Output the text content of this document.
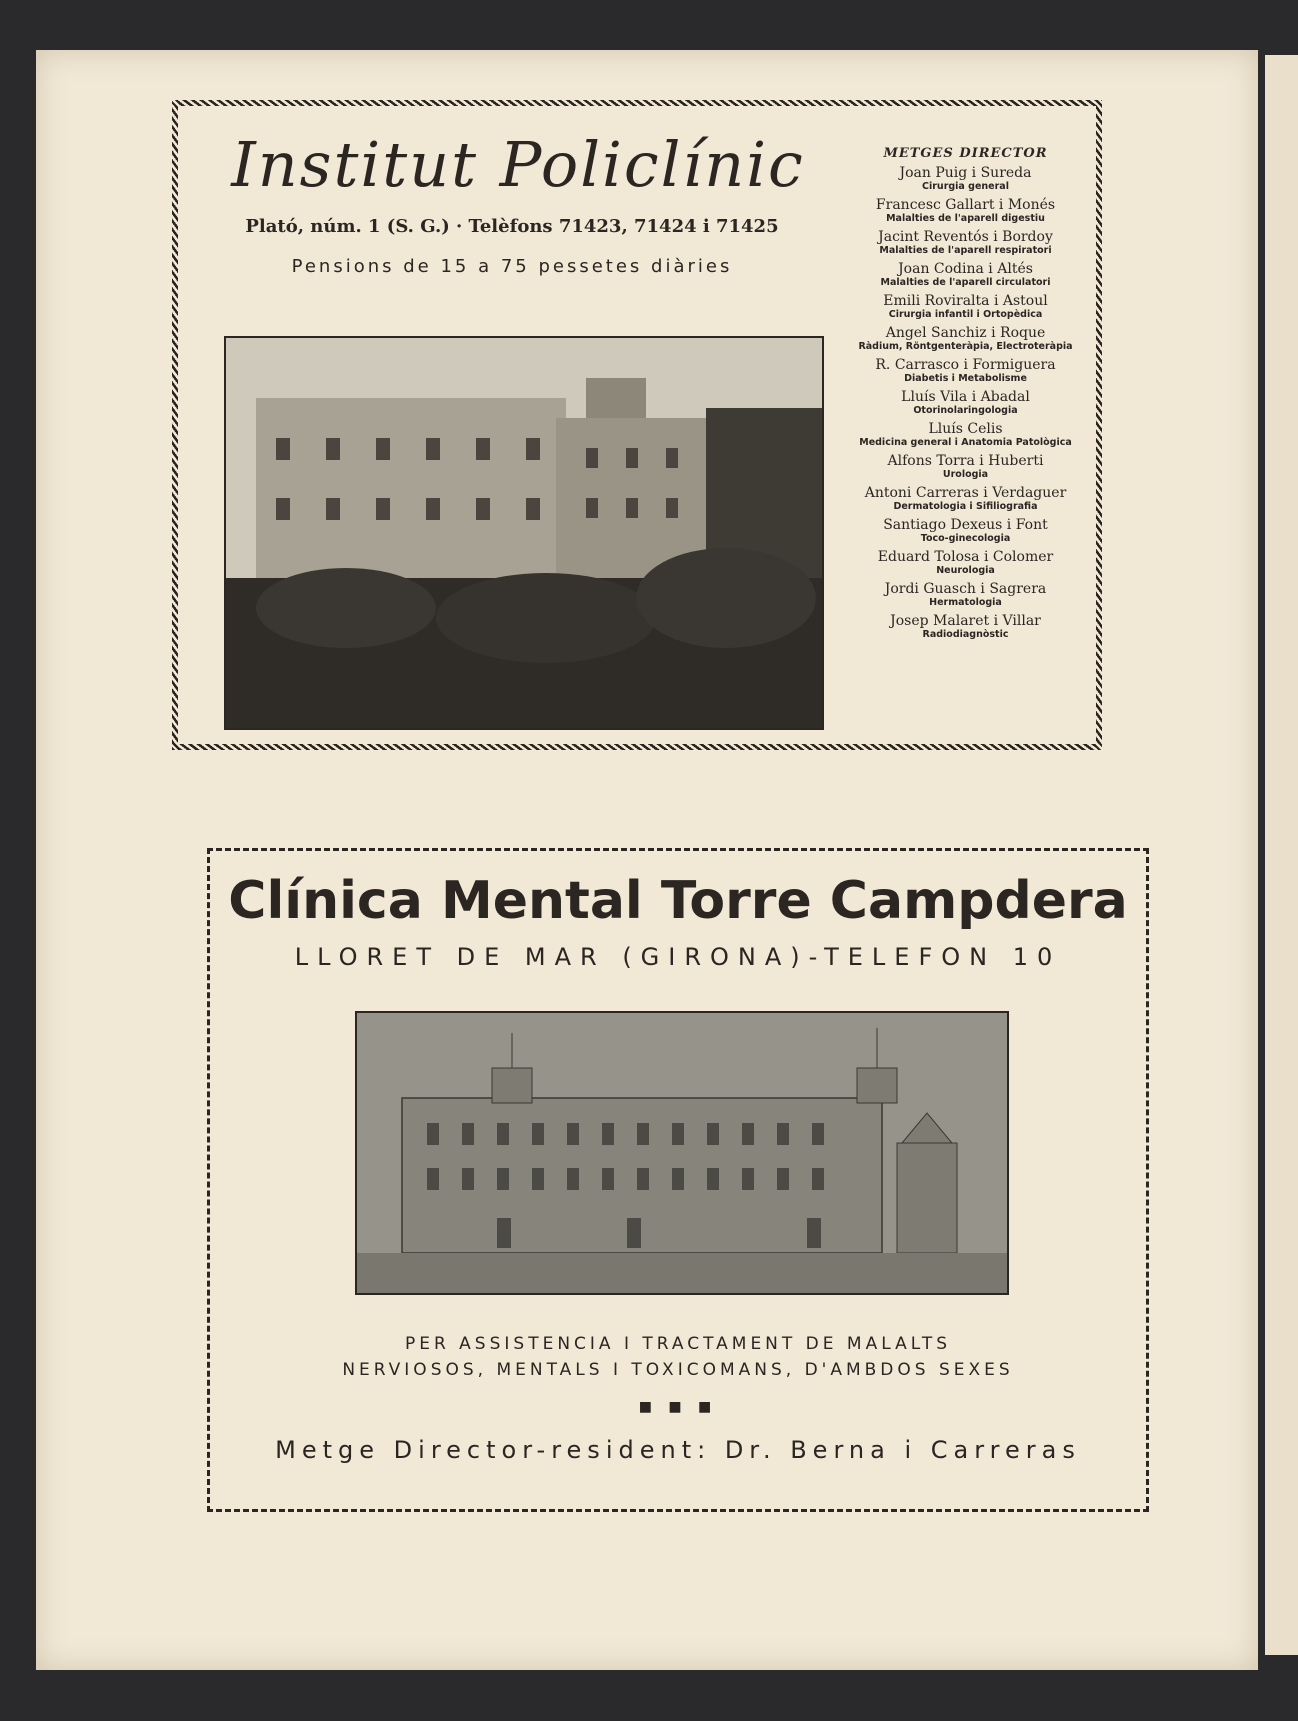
Institut Policlínic
Plató, núm. 1 (S. G.) · Telèfons 71423, 71424 i 71425
Pensions de 15 a 75 pessetes diàries
METGES DIRECTOR
Joan Puig i Sureda
Cirurgia general
Francesc Gallart i Monés
Malalties de l'aparell digestiu
Jacint Reventós i Bordoy
Malalties de l'aparell respiratori
Joan Codina i Altés
Malalties de l'aparell circulatori
Emili Roviralta i Astoul
Cirurgia infantil i Ortopèdica
Angel Sanchiz i Roque
Ràdium, Röntgenteràpia, Electroteràpia
R. Carrasco i Formiguera
Diabetis i Metabolisme
Lluís Vila i Abadal
Otorinolaringologia
Lluís Celis
Medicina general i Anatomia Patològica
Alfons Torra i Huberti
Urologia
Antoni Carreras i Verdaguer
Dermatologia i Sifiliografia
Santiago Dexeus i Font
Toco-ginecologia
Eduard Tolosa i Colomer
Neurologia
Jordi Guasch i Sagrera
Hermatologia
Josep Malaret i Villar
Radiodiagnòstic
Clínica Mental Torre Campdera
LLORET DE MAR (GIRONA)-TELEFON 10
PER ASSISTENCIA I TRACTAMENT DE MALALTS
NERVIOSOS, MENTALS I TOXICOMANS, D'AMBDOS SEXES
■ ■ ■
Metge Director-resident: Dr. Berna i Carreras
